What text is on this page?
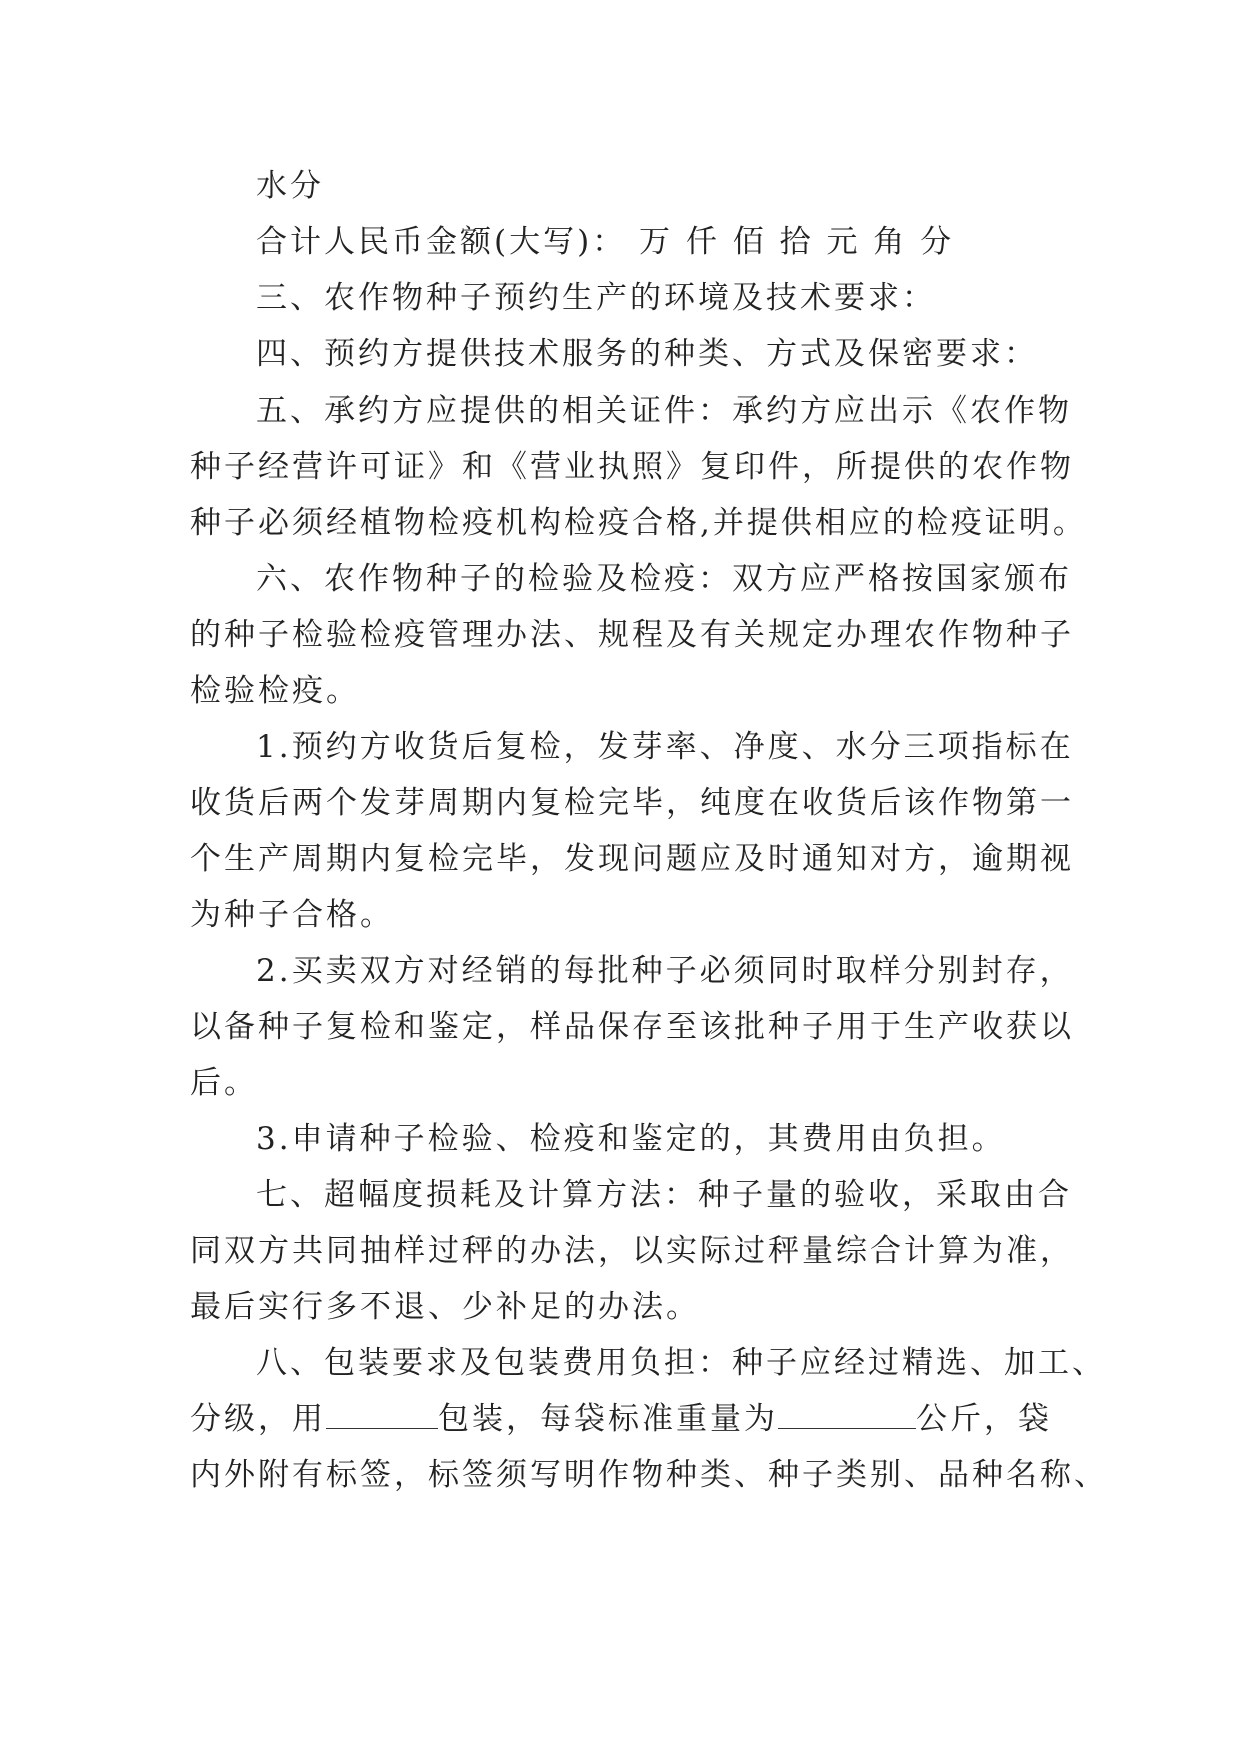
水分
合计人民币金额(大写)： 万 仟 佰 拾 元 角 分
三、农作物种子预约生产的环境及技术要求：
四、预约方提供技术服务的种类、方式及保密要求：
五、承约方应提供的相关证件：承约方应出示《农作物
种子经营许可证》和《营业执照》复印件，所提供的农作物
种子必须经植物检疫机构检疫合格,并提供相应的检疫证明。
六、农作物种子的检验及检疫：双方应严格按国家颁布
的种子检验检疫管理办法、规程及有关规定办理农作物种子
检验检疫。
1.预约方收货后复检，发芽率、净度、水分三项指标在
收货后两个发芽周期内复检完毕，纯度在收货后该作物第一
个生产周期内复检完毕，发现问题应及时通知对方，逾期视
为种子合格。
2.买卖双方对经销的每批种子必须同时取样分别封存，
以备种子复检和鉴定，样品保存至该批种子用于生产收获以
后。
3.申请种子检验、检疫和鉴定的，其费用由负担。
七、超幅度损耗及计算方法：种子量的验收，采取由合
同双方共同抽样过秤的办法，以实际过秤量综合计算为准，
最后实行多不退、少补足的办法。
八、包装要求及包装费用负担：种子应经过精选、加工、
分级，用	包装，每袋标准重量为	公斤，袋
内外附有标签，标签须写明作物种类、种子类别、品种名称、
